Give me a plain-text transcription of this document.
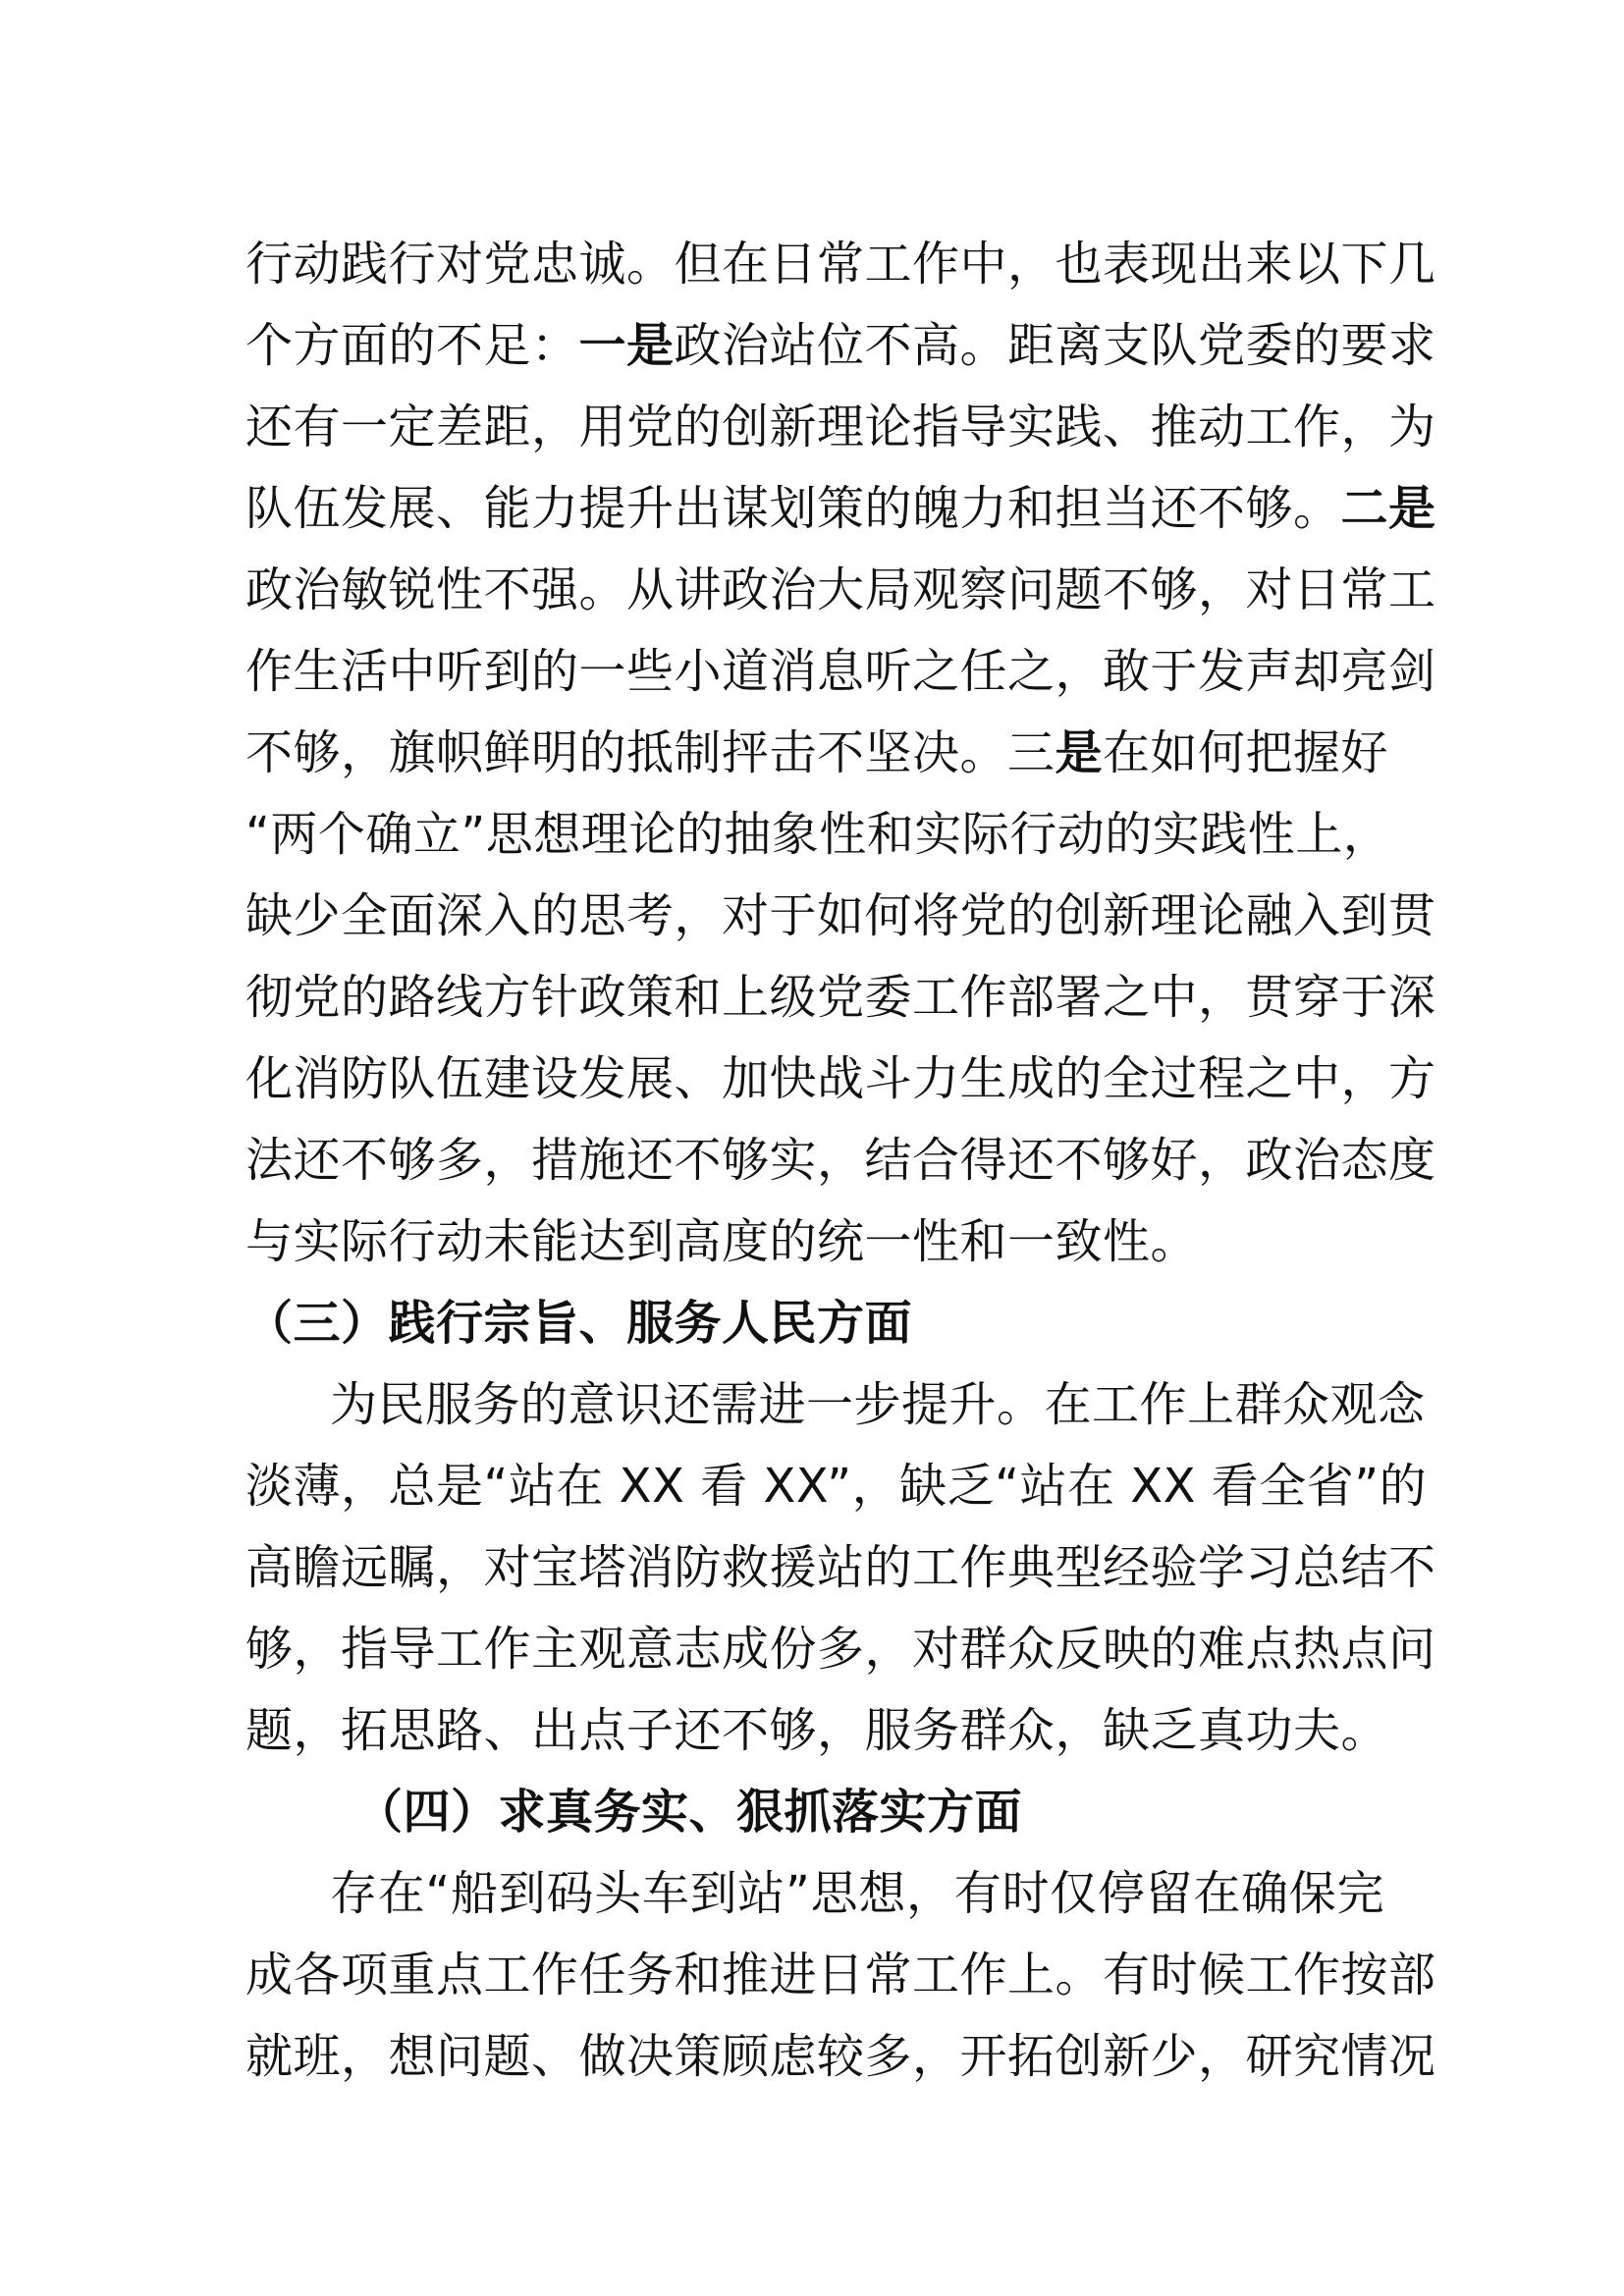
行动践行对党忠诚。但在日常工作中，也表现出来以下几
个方面的不足：一是政治站位不高。距离支队党委的要求
还有一定差距，用党的创新理论指导实践、推动工作，为
队伍发展、能力提升出谋划策的魄力和担当还不够。二是
政治敏锐性不强。从讲政治大局观察问题不够，对日常工
作生活中听到的一些小道消息听之任之，敢于发声却亮剑
不够，旗帜鲜明的抵制抨击不坚决。三是在如何把握好
“两个确立”思想理论的抽象性和实际行动的实践性上，
缺少全面深入的思考，对于如何将党的创新理论融入到贯
彻党的路线方针政策和上级党委工作部署之中，贯穿于深
化消防队伍建设发展、加快战斗力生成的全过程之中，方
法还不够多，措施还不够实，结合得还不够好，政治态度
与实际行动未能达到高度的统一性和一致性。
（三）践行宗旨、服务人民方面
为民服务的意识还需进一步提升。在工作上群众观念
淡薄，总是“站在 XX 看 XX”，缺乏“站在 XX 看全省”的
高瞻远瞩，对宝塔消防救援站的工作典型经验学习总结不
够，指导工作主观意志成份多，对群众反映的难点热点问
题，拓思路、出点子还不够，服务群众，缺乏真功夫。
（四）求真务实、狠抓落实方面
存在“船到码头车到站”思想，有时仅停留在确保完
成各项重点工作任务和推进日常工作上。有时候工作按部
就班，想问题、做决策顾虑较多，开拓创新少，研究情况
